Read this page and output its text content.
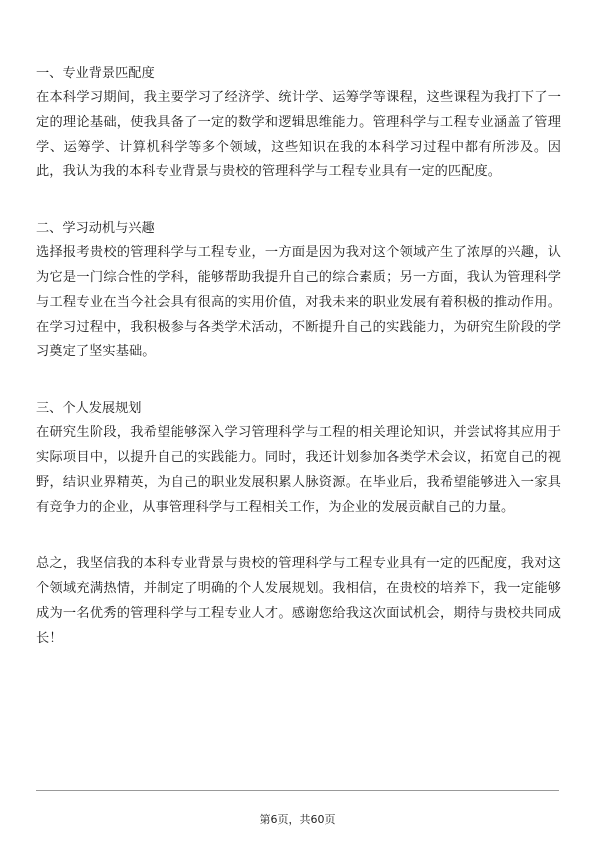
一、专业背景匹配度

在本科学习期间，我主要学习了经济学、统计学、运筹学等课程，这些课程为我打下了一定的理论基础，使我具备了一定的数学和逻辑思维能力。管理科学与工程专业涵盖了管理学、运筹学、计算机科学等多个领域，这些知识在我的本科学习过程中都有所涉及。因此，我认为我的本科专业背景与贵校的管理科学与工程专业具有一定的匹配度。

二、学习动机与兴趣

选择报考贵校的管理科学与工程专业，一方面是因为我对这个领域产生了浓厚的兴趣，认为它是一门综合性的学科，能够帮助我提升自己的综合素质；另一方面，我认为管理科学与工程专业在当今社会具有很高的实用价值，对我未来的职业发展有着积极的推动作用。在学习过程中，我积极参与各类学术活动，不断提升自己的实践能力，为研究生阶段的学习奠定了坚实基础。

三、个人发展规划

在研究生阶段，我希望能够深入学习管理科学与工程的相关理论知识，并尝试将其应用于实际项目中，以提升自己的实践能力。同时，我还计划参加各类学术会议，拓宽自己的视野，结识业界精英，为自己的职业发展积累人脉资源。在毕业后，我希望能够进入一家具有竞争力的企业，从事管理科学与工程相关工作，为企业的发展贡献自己的力量。

总之，我坚信我的本科专业背景与贵校的管理科学与工程专业具有一定的匹配度，我对这个领域充满热情，并制定了明确的个人发展规划。我相信，在贵校的培养下，我一定能够成为一名优秀的管理科学与工程专业人才。感谢您给我这次面试机会，期待与贵校共同成长！

第6页，共60页
